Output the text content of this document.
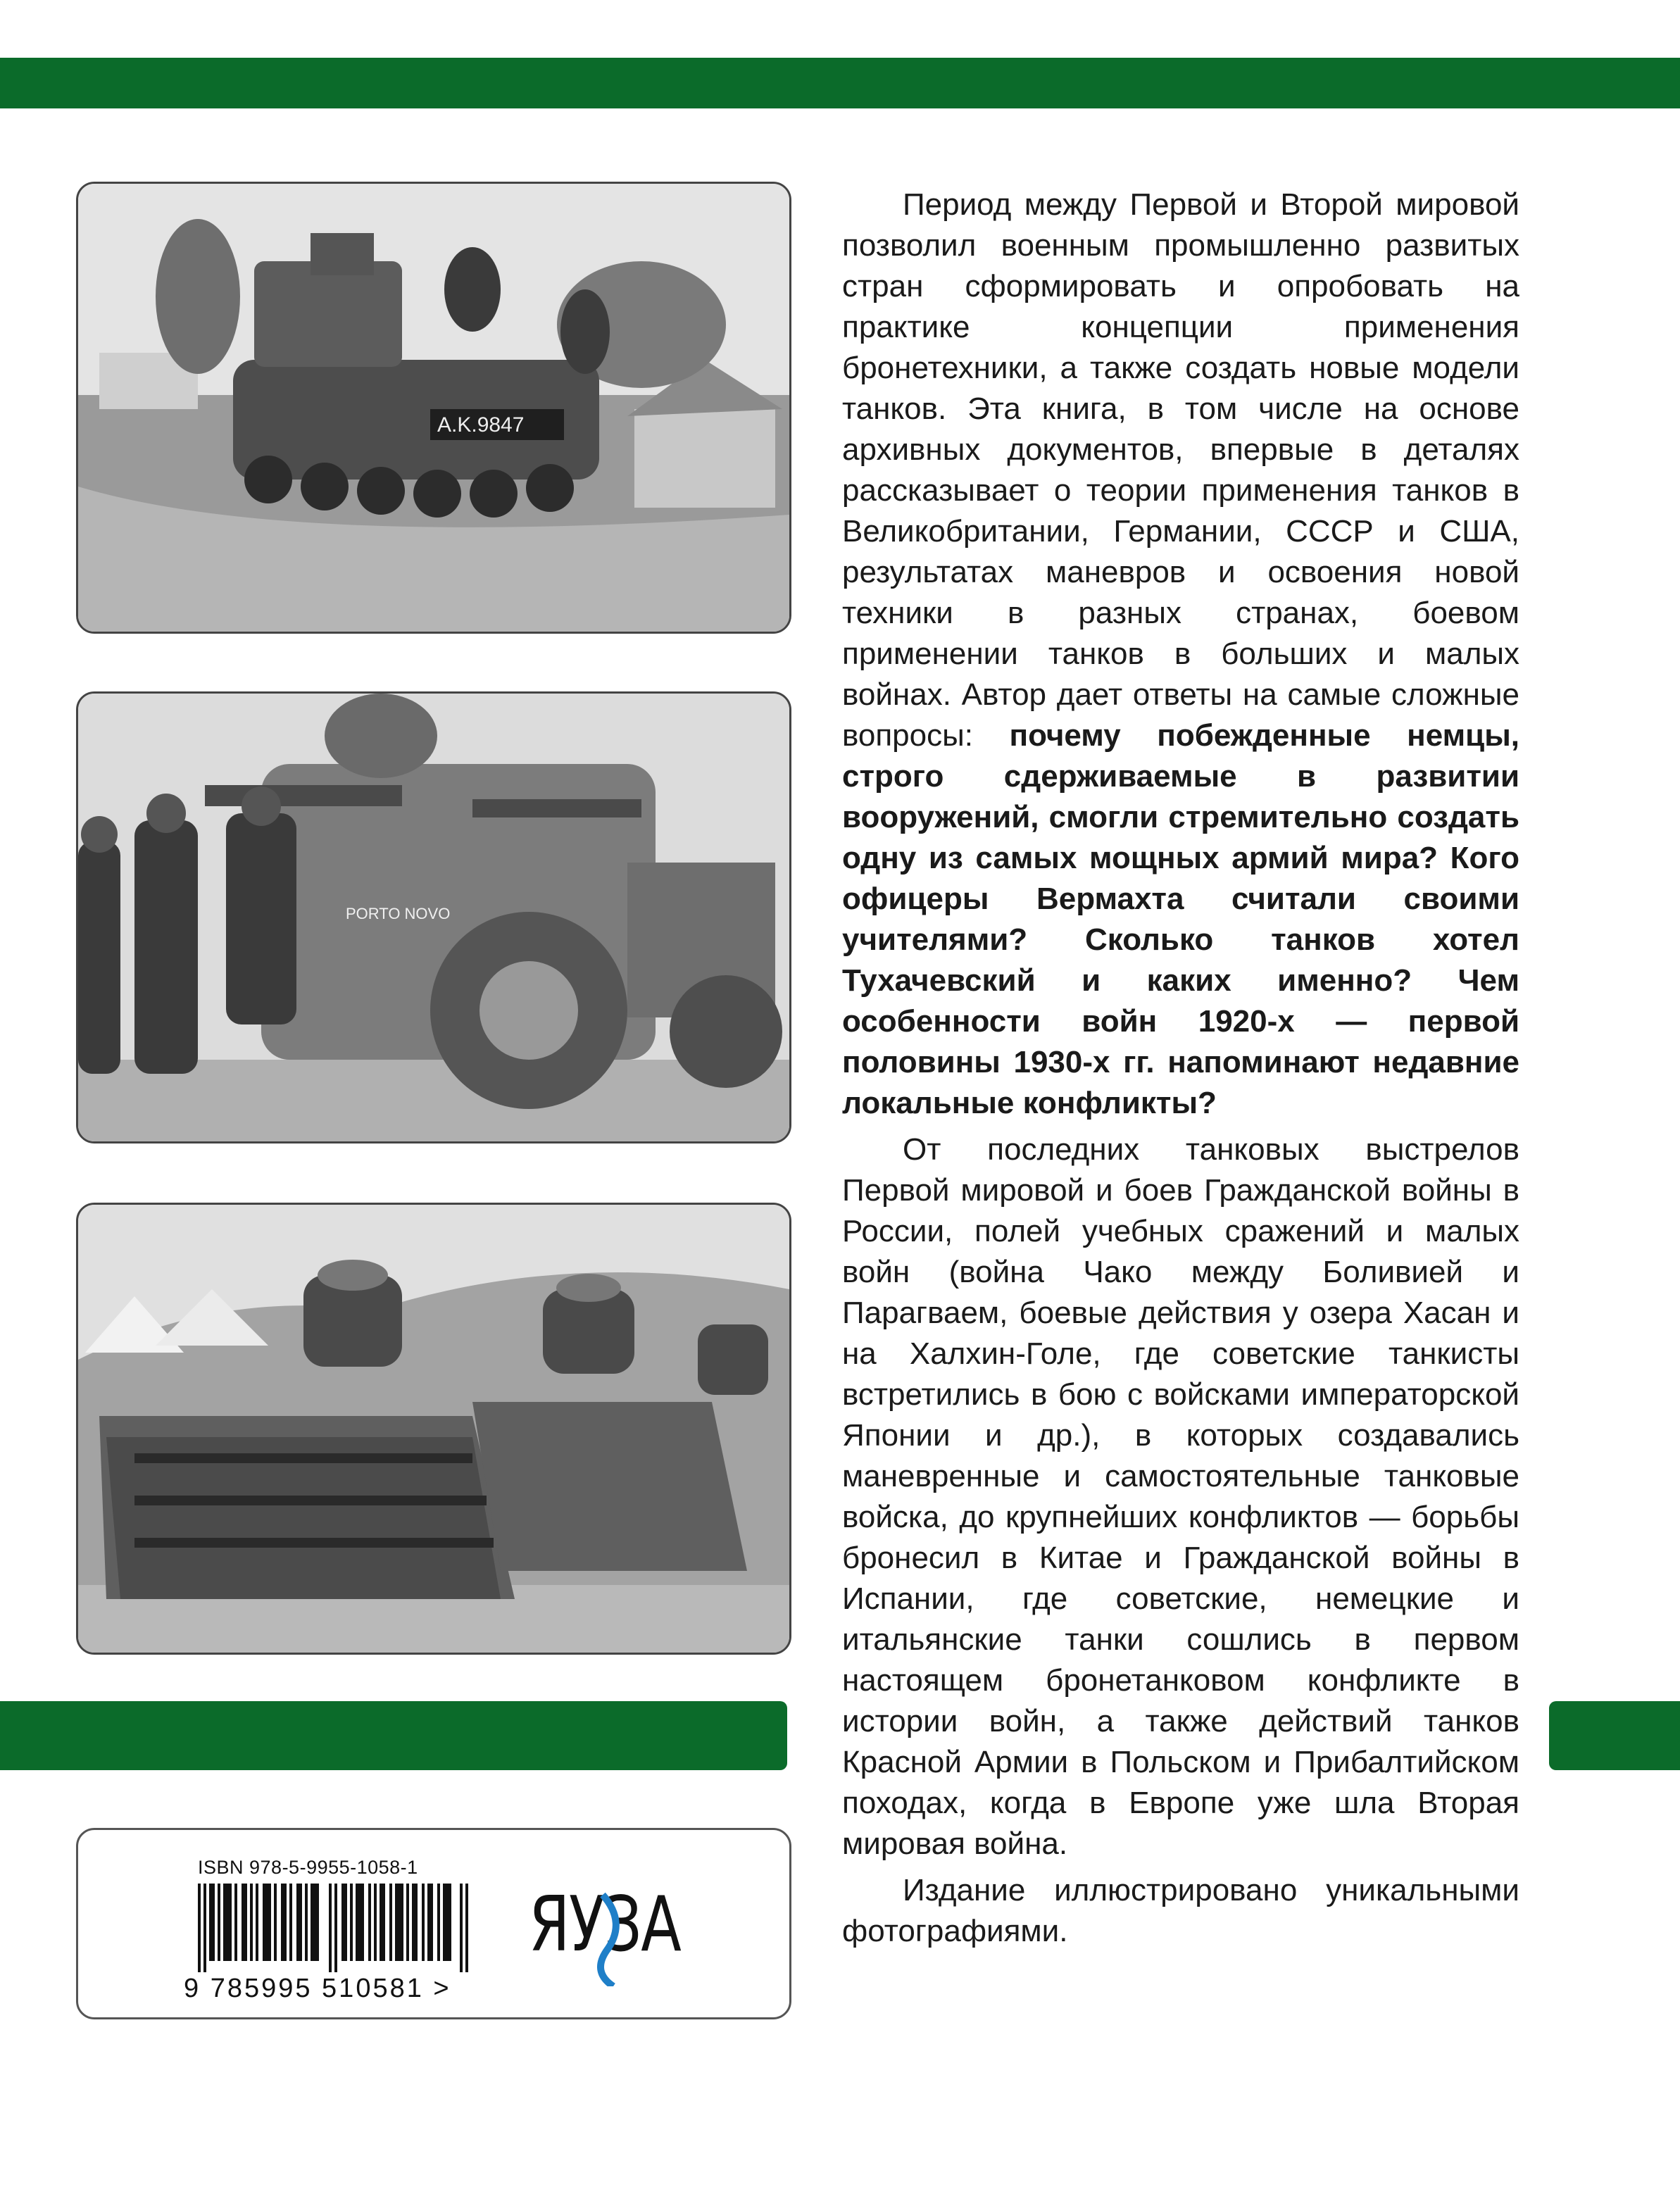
A.K.9847
PORTO NOVO
ISBN 978-5-9955-1058-1
9 785995 510581 >
ЯУЗА

Период между Первой и Второй мировой позволил военным промышленно развитых стран сформировать и опробовать на практике концепции применения бронетехники, а также создать новые модели танков. Эта книга, в том числе на основе архивных документов, впервые в деталях рассказывает о теории применения танков в Великобритании, Германии, СССР и США, результатах маневров и освоения новой техники в разных странах, боевом применении танков в больших и малых войнах. Автор дает ответы на самые сложные вопросы: почему побежденные немцы, строго сдерживаемые в развитии вооружений, смогли стремительно создать одну из самых мощных армий мира? Кого офицеры Вермахта считали своими учителями? Сколько танков хотел Тухачевский и каких именно? Чем особенности войн 1920-х — первой половины 1930-х гг. напоминают недавние локальные конфликты?

От последних танковых выстрелов Первой мировой и боев Гражданской войны в России, полей учебных сражений и малых войн (война Чако между Боливией и Парагваем, боевые действия у озера Хасан и на Халхин-Голе, где советские танкисты встретились в бою с войсками императорской Японии и др.), в которых создавались маневренные и самостоятельные танковые войска, до крупнейших конфликтов — борьбы бронесил в Китае и Гражданской войны в Испании, где советские, немецкие и итальянские танки сошлись в первом настоящем бронетанковом конфликте в истории войн, а также действий танков Красной Армии в Польском и Прибалтийском походах, когда в Европе уже шла Вторая мировая война.

Издание иллюстрировано уникальными фотографиями.
